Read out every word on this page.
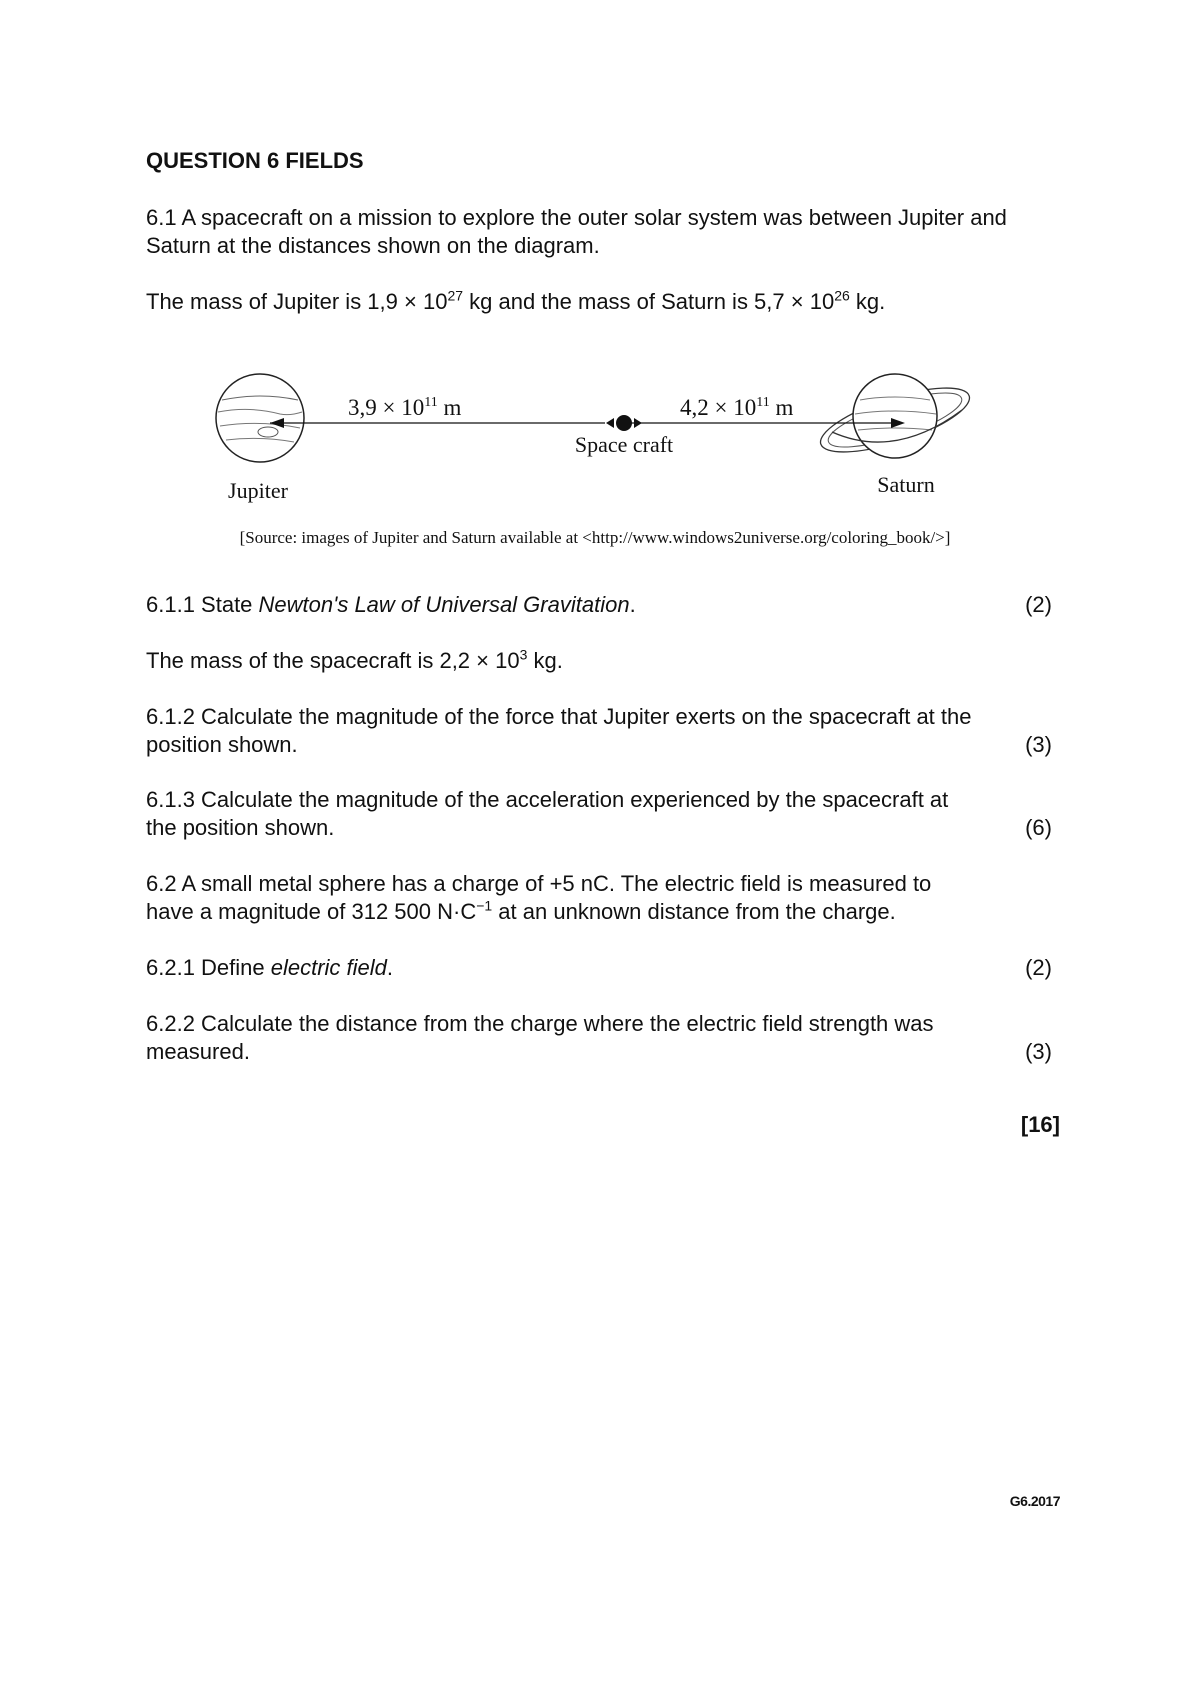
QUESTION 6 FIELDS

6.1 A spacecraft on a mission to explore the outer solar system was between Jupiter and Saturn at the distances shown on the diagram.

The mass of Jupiter is $1,9 \times 10^{27}$ kg and the mass of Saturn is $5,7 \times 10^{26}$ kg.

$3,9 \times 10^{11}$ m	$4,2 \times 10^{11}$ m
Space craft
Jupiter	Saturn
[Source: images of Jupiter and Saturn available at <http://www.windows2universe.org/coloring_book/>]
6.1.1 State Newton's Law of Universal Gravitation.	(2)

The mass of the spacecraft is $2,2 \times 10^3$ kg.

6.1.2 Calculate the magnitude of the force that Jupiter exerts on the spacecraft at the
position shown.	(3)
6.1.3 Calculate the magnitude of the acceleration experienced by the spacecraft at
the position shown.	(6)
6.2 A small metal sphere has a charge of +5 nC. The electric field is measured to
have a magnitude of 312 500 $N\cdot C^{-1}$ at an unknown distance from the charge.
6.2.1 Define electric field.	(2)
6.2.2 Calculate the distance from the charge where the electric field strength was
measured.	(3)
[16]
G6.2017
